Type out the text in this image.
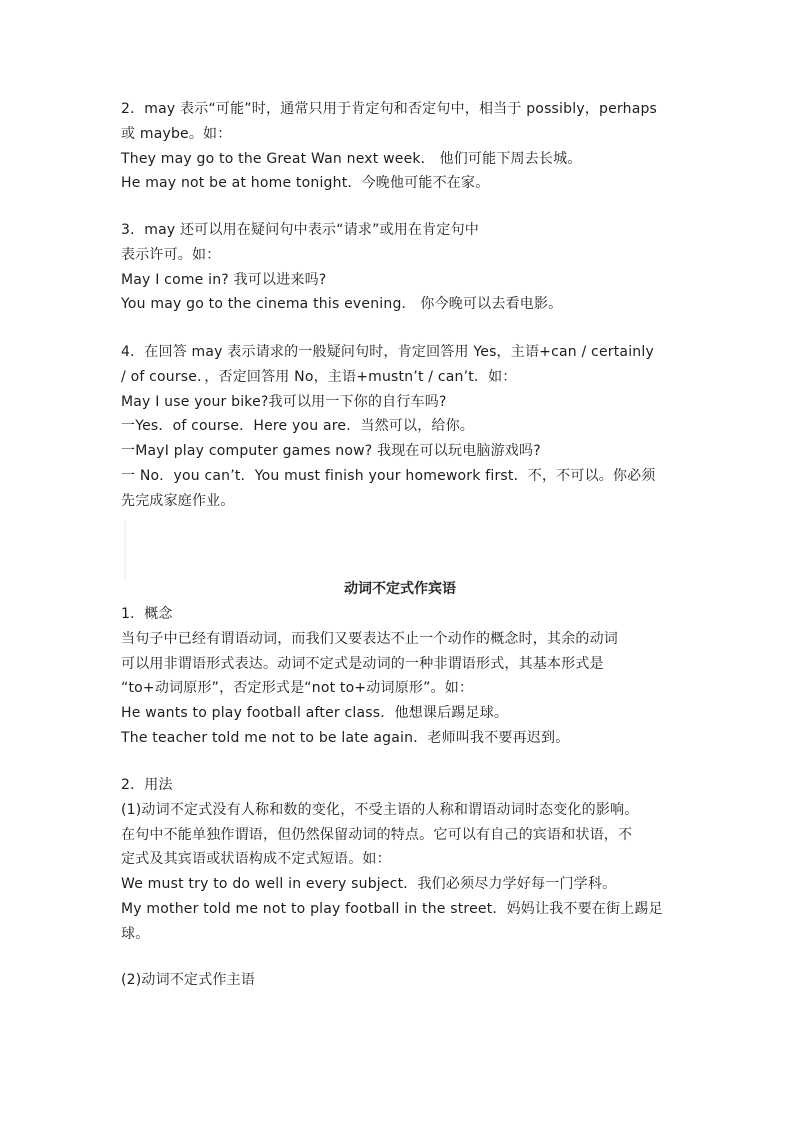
2．may 表示“可能”时，通常只用于肯定句和否定句中，相当于 possibly，perhaps
或 maybe。如：
They may go to the Great Wan next week． 他们可能下周去长城。
He may not be at home tonight．今晚他可能不在家。
3．may 还可以用在疑问句中表示“请求”或用在肯定句中
表示许可。如：
May I come in? 我可以进来吗?
You may go to the cinema this evening． 你今晚可以去看电影。
4．在回答 may 表示请求的一般疑问句时，肯定回答用 Yes，主语+can / certainly
/ of course．，否定回答用 No，主语+mustn’t / can’t．如：
May I use your bike?我可以用一下你的自行车吗?
一Yes．of course．Here you are．当然可以，给你。
一MayI play computer games now? 我现在可以玩电脑游戏吗?
一 No．you can’t．You must finish your homework first．不，不可以。你必须
先完成家庭作业。
动词不定式作宾语
1．概念
当句子中已经有谓语动词，而我们又要表达不止一个动作的概念时，其余的动词
可以用非谓语形式表达。动词不定式是动词的一种非谓语形式，其基本形式是
“to+动词原形”，否定形式是“not to+动词原形”。如：
He wants to play football after class．他想课后踢足球。
The teacher told me not to be late again．老师叫我不要再迟到。
2．用法
(1)动词不定式没有人称和数的变化，不受主语的人称和谓语动词时态变化的影响。
在句中不能单独作谓语，但仍然保留动词的特点。它可以有自己的宾语和状语，不
定式及其宾语或状语构成不定式短语。如：
We must try to do well in every subject．我们必须尽力学好每一门学科。
My mother told me not to play football in the street．妈妈让我不要在街上踢足
球。
(2)动词不定式作主语
